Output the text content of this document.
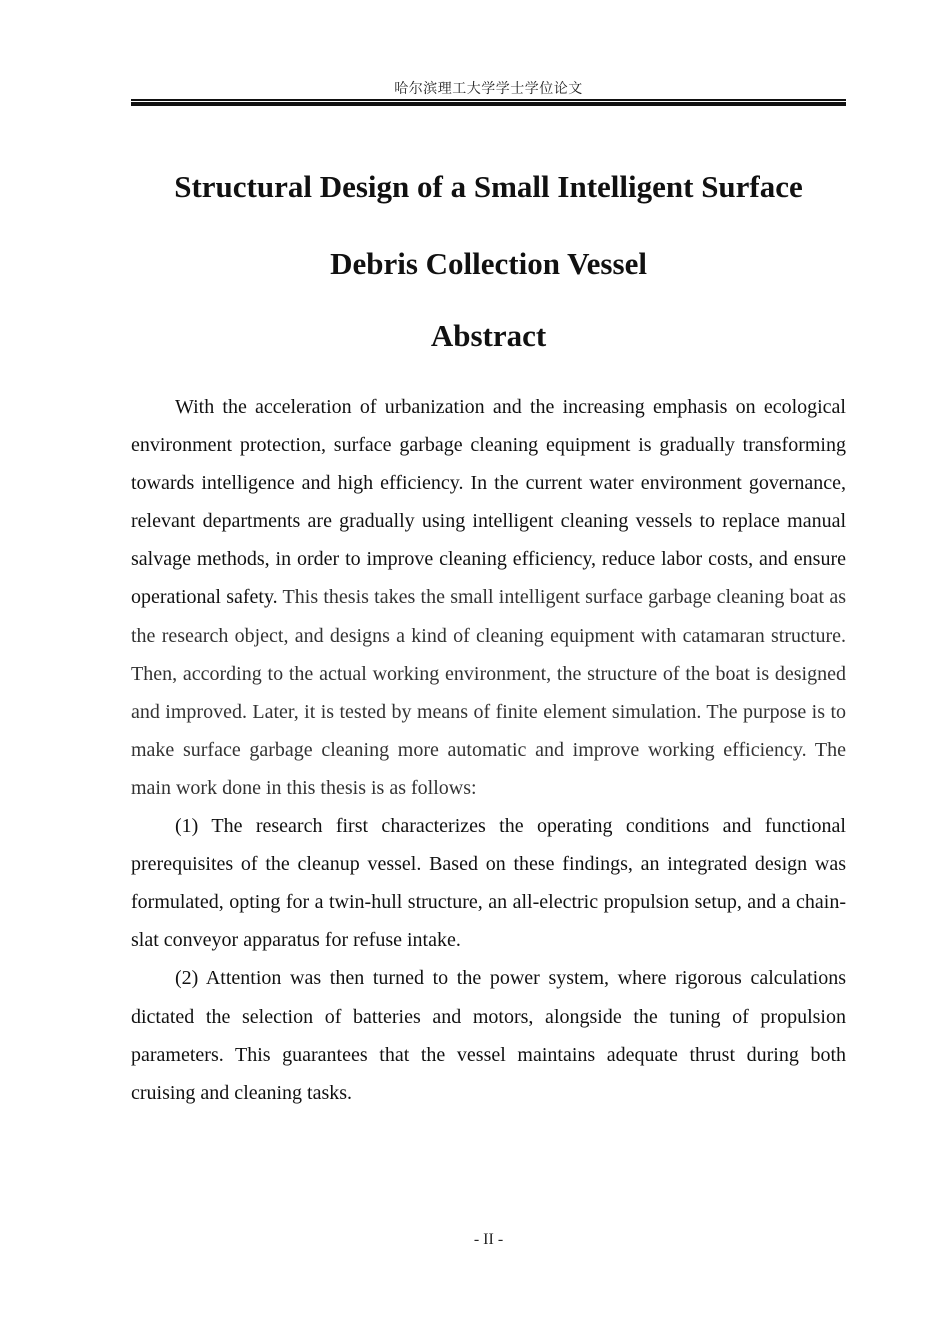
哈尔滨理工大学学士学位论文
Structural Design of a Small Intelligent Surface
Debris Collection Vessel
Abstract

With the acceleration of urbanization and the increasing emphasis on ecological environment protection, surface garbage cleaning equipment is gradually transforming towards intelligence and high efficiency. In the current water environment governance, relevant departments are gradually using intelligent cleaning vessels to replace manual salvage methods, in order to improve cleaning efficiency, reduce labor costs, and ensure operational safety. This thesis takes the small intelligent surface garbage cleaning boat as the research object, and designs a kind of cleaning equipment with catamaran structure. Then, according to the actual working environment, the structure of the boat is designed and improved. Later, it is tested by means of finite element simulation. The purpose is to make surface garbage cleaning more automatic and improve working efficiency. The main work done in this thesis is as follows:

(1) The research first characterizes the operating conditions and functional prerequisites of the cleanup vessel. Based on these findings, an integrated design was formulated, opting for a twin-hull structure, an all-electric propulsion setup, and a chain-slat conveyor apparatus for refuse intake.

(2) Attention was then turned to the power system, where rigorous calculations dictated the selection of batteries and motors, alongside the tuning of propulsion parameters. This guarantees that the vessel maintains adequate thrust during both cruising and cleaning tasks.

- II -
